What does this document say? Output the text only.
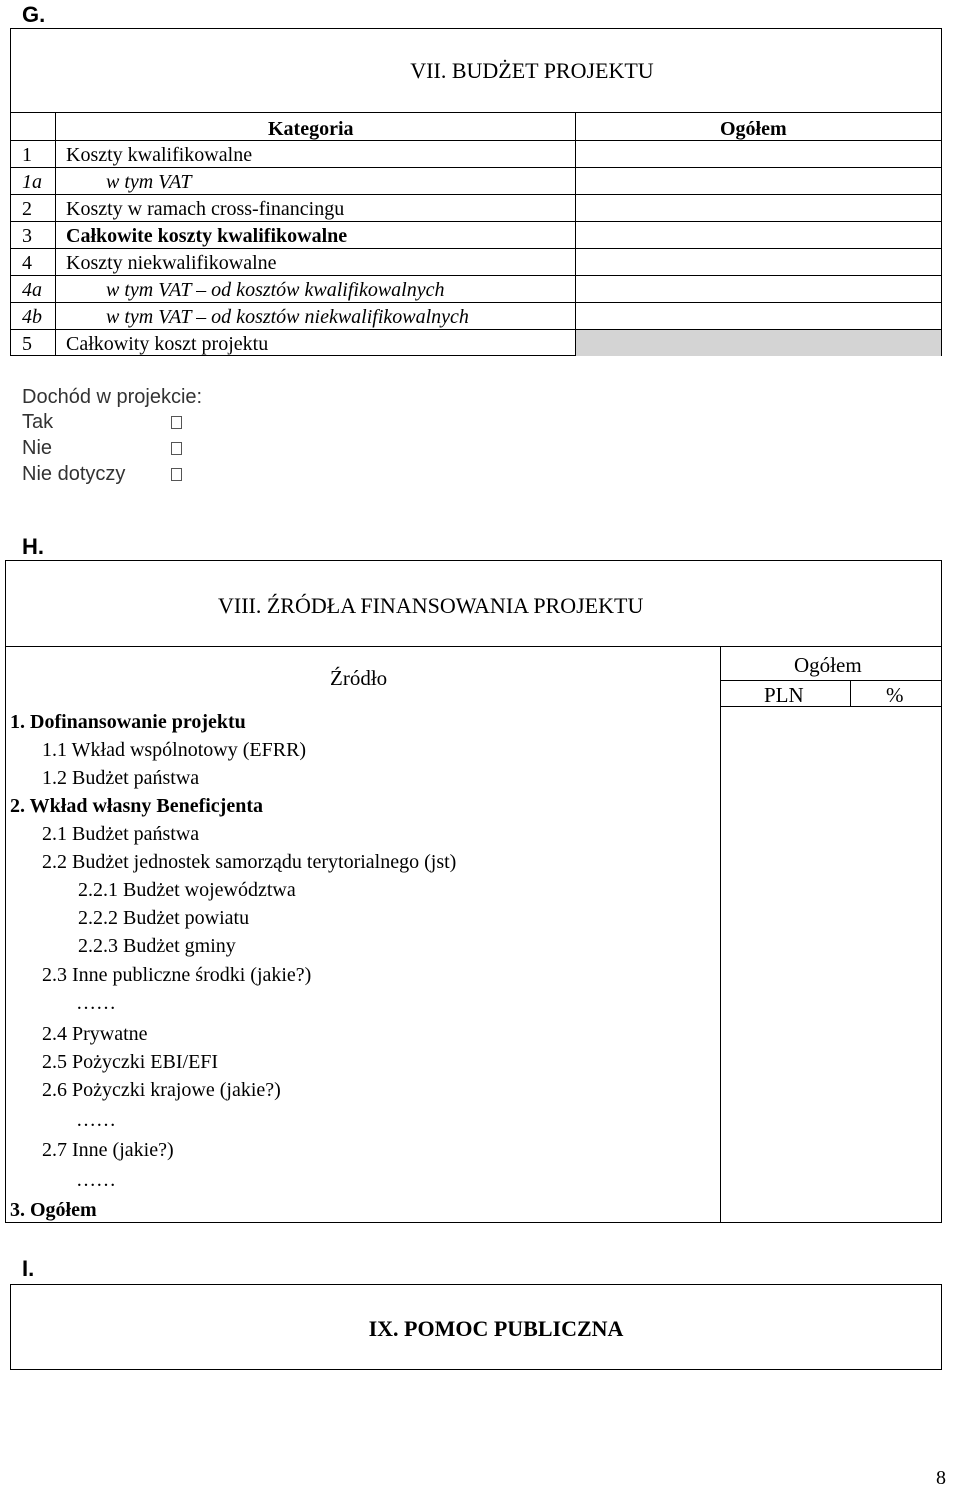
G.
VII. BUDŻET PROJEKTU
Kategoria	Ogółem
1 Koszty kwalifikowalne
1a	w tym VAT
2 Koszty w ramach cross-financingu
3 Całkowite koszty kwalifikowalne
4 Koszty niekwalifikowalne
4a	w tym VAT – od kosztów kwalifikowalnych
4b	w tym VAT – od kosztów niekwalifikowalnych
5 Całkowity koszt projektu
Dochód w projekcie:
Tak
Nie
Nie dotyczy
H.
VIII. ŹRÓDŁA FINANSOWANIA PROJEKTU
Źródło
Ogółem
PLN	%
1. Dofinansowanie projektu
1.1 Wkład wspólnotowy (EFRR)
1.2 Budżet państwa
2. Wkład własny Beneficjenta
2.1 Budżet państwa
2.2 Budżet jednostek samorządu terytorialnego (jst)
2.2.1 Budżet województwa
2.2.2 Budżet powiatu
2.2.3 Budżet gminy
2.3 Inne publiczne środki (jakie?)
……
2.4 Prywatne
2.5 Pożyczki EBI/EFI
2.6 Pożyczki krajowe (jakie?)
……
2.7 Inne (jakie?)
……
3. Ogółem
I.
IX. POMOC PUBLICZNA
8
